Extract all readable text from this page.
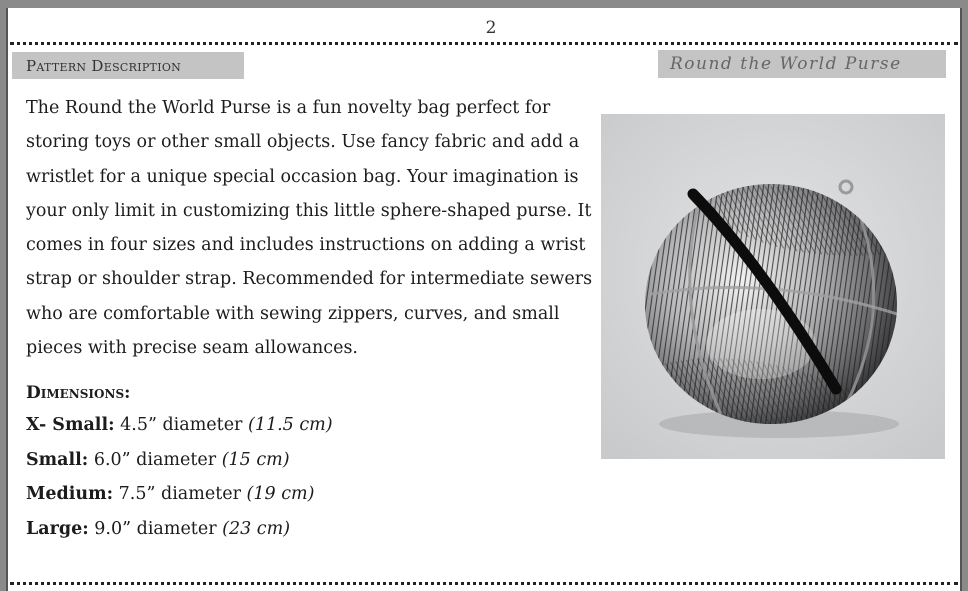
2
Pattern Description	Round the World Purse

The Round the World Purse is a fun novelty bag perfect for storing toys or other small objects. Use fancy fabric and add a wristlet for a unique special occasion bag. Your imagination is your only limit in customizing this little sphere-shaped purse. It comes in four sizes and includes instructions on adding a wrist strap or shoulder strap. Recommended for intermediate sewers who are comfortable with sewing zippers, curves, and small pieces with precise seam allowances.

Dimensions:
X- Small: 4.5” diameter (11.5 cm)
Small: 6.0” diameter (15 cm)
Medium: 7.5” diameter (19 cm)
Large: 9.0” diameter (23 cm)
